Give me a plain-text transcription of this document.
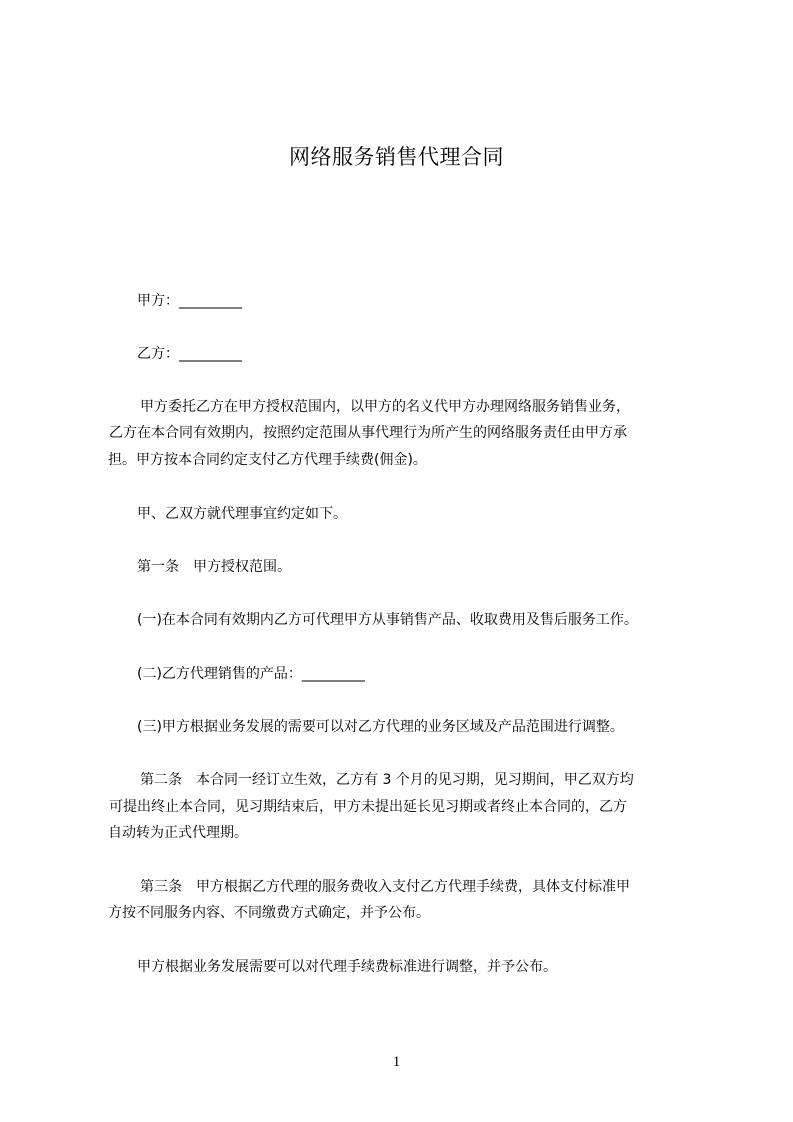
网络服务销售代理合同
甲方：_________
乙方：_________
甲方委托乙方在甲方授权范围内，以甲方的名义代甲方办理网络服务销售业务，
乙方在本合同有效期内，按照约定范围从事代理行为所产生的网络服务责任由甲方承
担。甲方按本合同约定支付乙方代理手续费(佣金)。
甲、乙双方就代理事宜约定如下。
第一条　甲方授权范围。
(一)在本合同有效期内乙方可代理甲方从事销售产品、收取费用及售后服务工作。
(二)乙方代理销售的产品：_________
(三)甲方根据业务发展的需要可以对乙方代理的业务区域及产品范围进行调整。
第二条　本合同一经订立生效，乙方有 3 个月的见习期，见习期间，甲乙双方均
可提出终止本合同，见习期结束后，甲方未提出延长见习期或者终止本合同的，乙方
自动转为正式代理期。
第三条　甲方根据乙方代理的服务费收入支付乙方代理手续费，具体支付标准甲
方按不同服务内容、不同缴费方式确定，并予公布。
甲方根据业务发展需要可以对代理手续费标准进行调整，并予公布。
1
